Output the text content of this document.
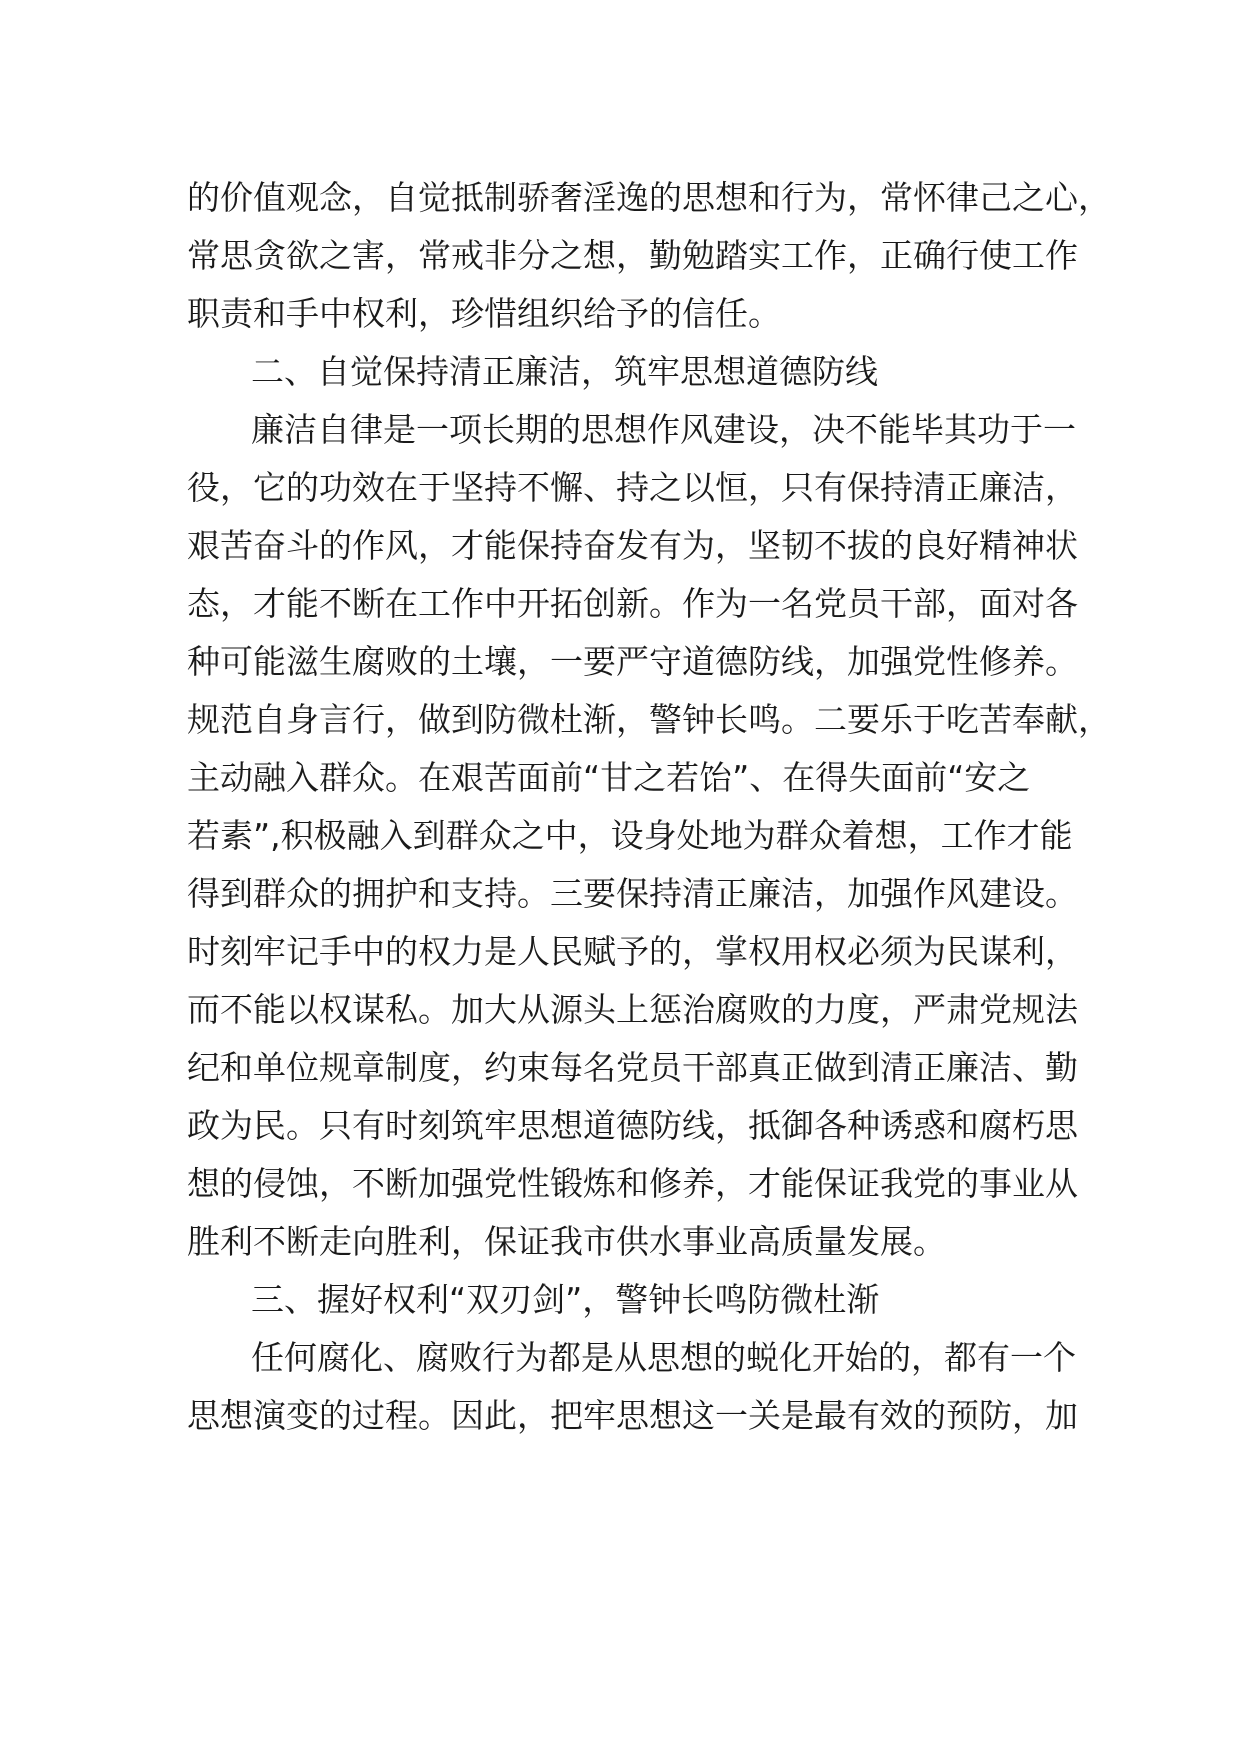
的价值观念，自觉抵制骄奢淫逸的思想和行为，常怀律己之心，
常思贪欲之害，常戒非分之想，勤勉踏实工作，正确行使工作
职责和手中权利，珍惜组织给予的信任。
二、自觉保持清正廉洁，筑牢思想道德防线
廉洁自律是一项长期的思想作风建设，决不能毕其功于一
役，它的功效在于坚持不懈、持之以恒，只有保持清正廉洁，
艰苦奋斗的作风，才能保持奋发有为，坚韧不拔的良好精神状
态，才能不断在工作中开拓创新。作为一名党员干部，面对各
种可能滋生腐败的土壤，一要严守道德防线，加强党性修养。
规范自身言行，做到防微杜渐，警钟长鸣。二要乐于吃苦奉献，
主动融入群众。在艰苦面前“甘之若饴”、在得失面前“安之
若素”,积极融入到群众之中，设身处地为群众着想，工作才能
得到群众的拥护和支持。三要保持清正廉洁，加强作风建设。
时刻牢记手中的权力是人民赋予的，掌权用权必须为民谋利，
而不能以权谋私。加大从源头上惩治腐败的力度，严肃党规法
纪和单位规章制度，约束每名党员干部真正做到清正廉洁、勤
政为民。只有时刻筑牢思想道德防线，抵御各种诱惑和腐朽思
想的侵蚀，不断加强党性锻炼和修养，才能保证我党的事业从
胜利不断走向胜利，保证我市供水事业高质量发展。
三、握好权利“双刃剑”，警钟长鸣防微杜渐
任何腐化、腐败行为都是从思想的蜕化开始的，都有一个
思想演变的过程。因此，把牢思想这一关是最有效的预防，加
